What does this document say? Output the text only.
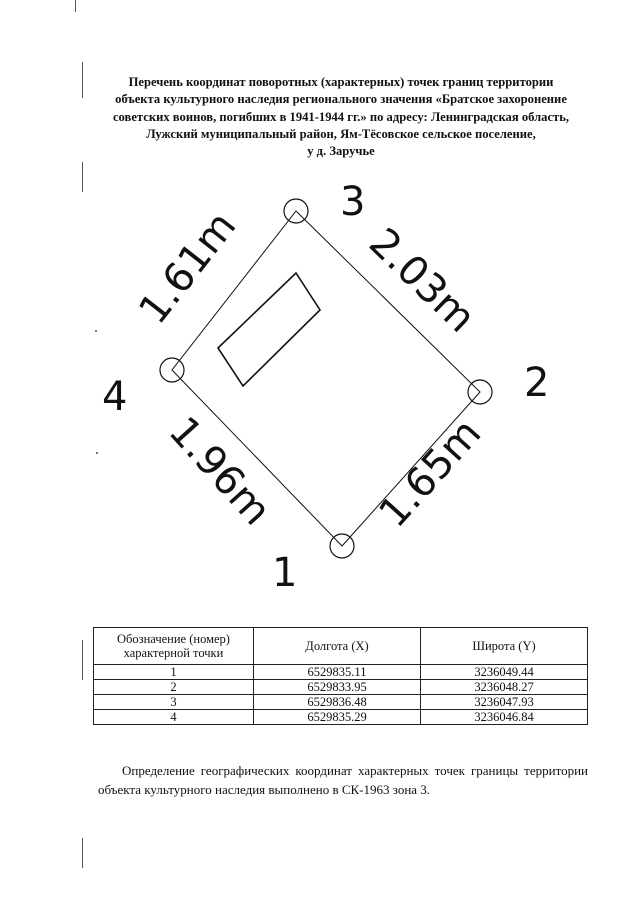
Перечень координат поворотных (характерных) точек границ территории
объекта культурного наследия регионального значения «Братское захоронение
советских воинов, погибших в 1941-1944 гг.» по адресу: Ленинградская область,
Лужский муниципальный район, Ям-Тёсовское сельское поселение,
у д. Заручье
1
2
3
4
1.61m	2.03m
1.96m 1.65m
Обозначение (номер) характерной точки	Долгота (X)	Широта (Y)
1	6529835.11	3236049.44
2	6529833.95	3236048.27
3	6529836.48	3236047.93
4	6529835.29	3236046.84

Определение географических координат характерных точек границы территории объекта культурного наследия выполнено в СК-1963 зона 3.
